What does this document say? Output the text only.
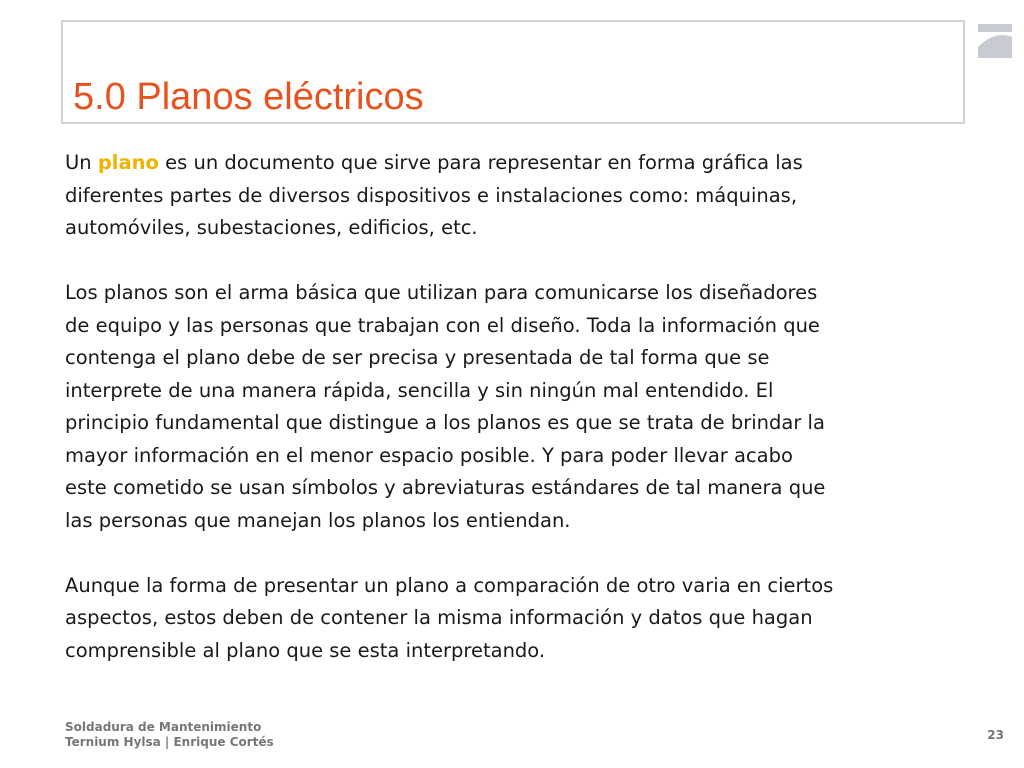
5.0 Planos eléctricos

Un plano es un documento que sirve para representar en forma gráfica las
diferentes partes de diversos dispositivos e instalaciones como: máquinas,
automóviles, subestaciones, edificios, etc.

Los planos son el arma básica que utilizan para comunicarse los diseñadores
de equipo y las personas que trabajan con el diseño. Toda la información que
contenga el plano debe de ser precisa y presentada de tal forma que se
interprete de una manera rápida, sencilla y sin ningún mal entendido. El
principio fundamental que distingue a los planos es que se trata de brindar la
mayor información en el menor espacio posible. Y para poder llevar acabo
este cometido se usan símbolos y abreviaturas estándares de tal manera que
las personas que manejan los planos los entiendan.

Aunque la forma de presentar un plano a comparación de otro varia en ciertos
aspectos, estos deben de contener la misma información y datos que hagan
comprensible al plano que se esta interpretando.

Soldadura de Mantenimiento
Ternium Hylsa | Enrique Cortés	23
